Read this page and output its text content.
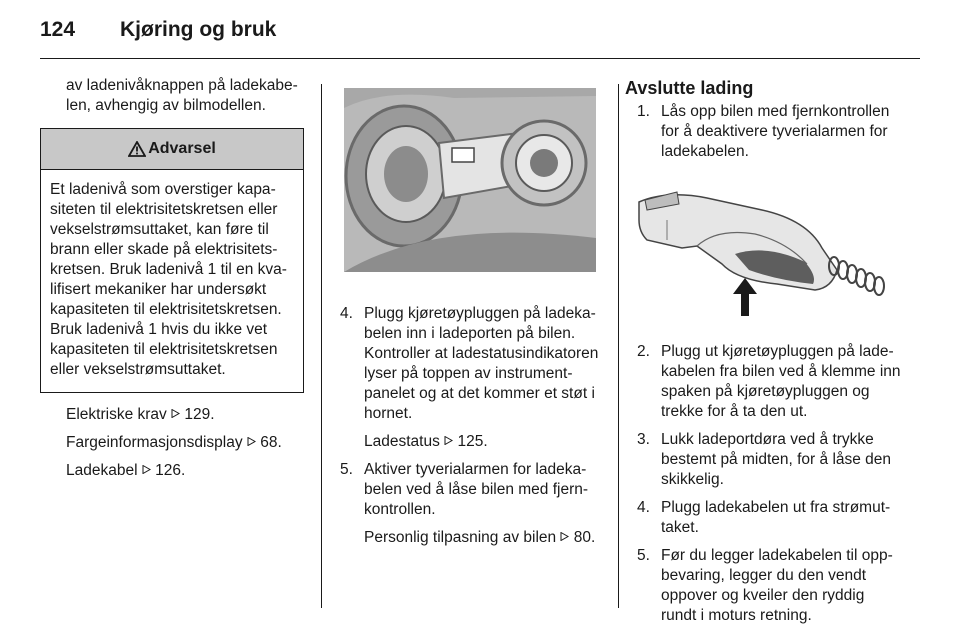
124 Kjøring og bruk

av ladenivåknappen på ladekabelen, avhengig av bilmodellen.

Advarsel

Et ladenivå som overstiger kapasiteten til elektrisitetskretsen eller vekselstrømsuttaket, kan føre til brann eller skade på elektrisitetskretsen. Bruk ladenivå 1 til en kvalifisert mekaniker har undersøkt kapasiteten til elektrisitetskretsen. Bruk ladenivå 1 hvis du ikke vet kapasiteten til elektrisitetskretsen eller vekselstrømsuttaket.

Elektriske krav 129.

Fargeinformasjonsdisplay 68.

Ladekabel 126.

4. Plugg kjøretøypluggen på ladekabelen inn i ladeporten på bilen. Kontroller at ladestatusindikatoren lyser på toppen av instrumentpanelet og at det kommer et støt i hornet.

Ladestatus 125.

5. Aktiver tyverialarmen for ladekabelen ved å låse bilen med fjernkontrollen.

Personlig tilpasning av bilen 80.

Avslutte lading
1. Lås opp bilen med fjernkontrollen for å deaktivere tyverialarmen for ladekabelen.

2. Plugg ut kjøretøypluggen på ladekabelen fra bilen ved å klemme inn spaken på kjøretøypluggen og trekke for å ta den ut.

3. Lukk ladeportdøra ved å trykke bestemt på midten, for å låse den skikkelig.

4. Plugg ladekabelen ut fra strømuttaket.

5. Før du legger ladekabelen til oppbevaring, legger du den vendt oppover og kveiler den ryddig rundt i moturs retning.
